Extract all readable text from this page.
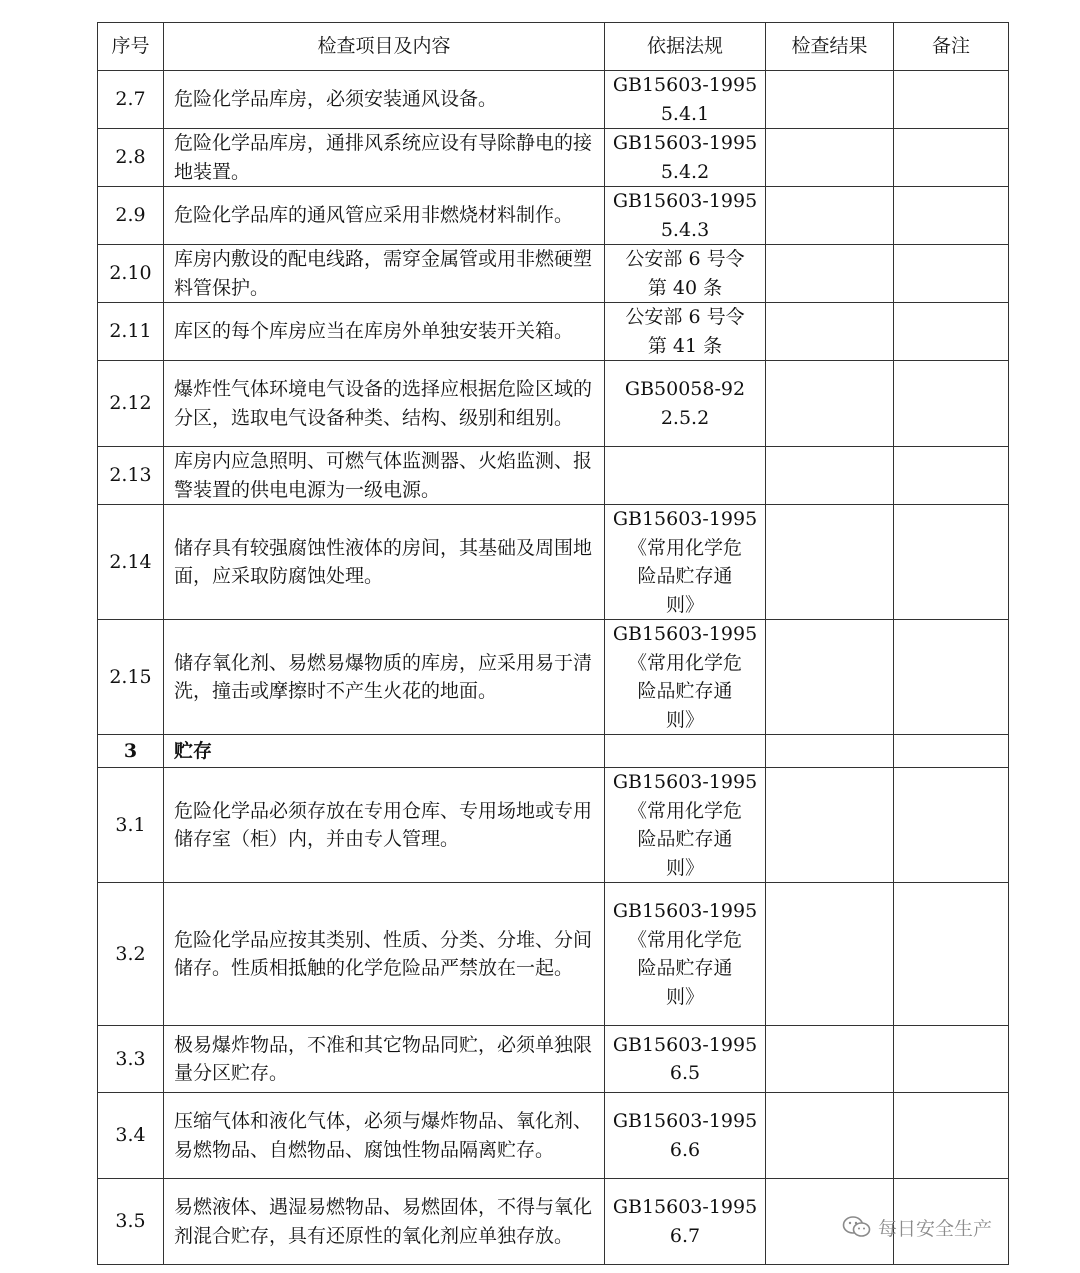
序号	检查项目及内容	依据法规	检查结果	备注
2.7	危险化学品库房，必须安装通风设备。	GB15603-1995
5.4.1		
2.8	危险化学品库房，通排风系统应设有导除静电的接地装置。	GB15603-1995
5.4.2		
2.9	危险化学品库的通风管应采用非燃烧材料制作。	GB15603-1995
5.4.3		
2.10	库房内敷设的配电线路，需穿金属管或用非燃硬塑料管保护。	公安部 6 号令
第 40 条		
2.11	库区的每个库房应当在库房外单独安装开关箱。	公安部 6 号令
第 41 条		
2.12	爆炸性气体环境电气设备的选择应根据危险区域的分区，选取电气设备种类、结构、级别和组别。	GB50058-92
2.5.2		
2.13	库房内应急照明、可燃气体监测器、火焰监测、报警装置的供电电源为一级电源。			
2.14	储存具有较强腐蚀性液体的房间，其基础及周围地面，应采取防腐蚀处理。	GB15603-1995
《常用化学危
险品贮存通
则》		
2.15	储存氧化剂、易燃易爆物质的库房，应采用易于清洗，撞击或摩擦时不产生火花的地面。	GB15603-1995
《常用化学危
险品贮存通
则》		
3	贮存			
3.1	危险化学品必须存放在专用仓库、专用场地或专用储存室（柜）内，并由专人管理。	GB15603-1995
《常用化学危
险品贮存通
则》		
3.2	危险化学品应按其类别、性质、分类、分堆、分间储存。性质相抵触的化学危险品严禁放在一起。	GB15603-1995
《常用化学危
险品贮存通
则》		
3.3	极易爆炸物品，不准和其它物品同贮，必须单独限量分区贮存。	GB15603-1995
6.5		
3.4	压缩气体和液化气体，必须与爆炸物品、氧化剂、易燃物品、自燃物品、腐蚀性物品隔离贮存。	GB15603-1995
6.6		
3.5	易燃液体、遇湿易燃物品、易燃固体，不得与氧化剂混合贮存，具有还原性的氧化剂应单独存放。	GB15603-1995
6.7			每日安全生产
